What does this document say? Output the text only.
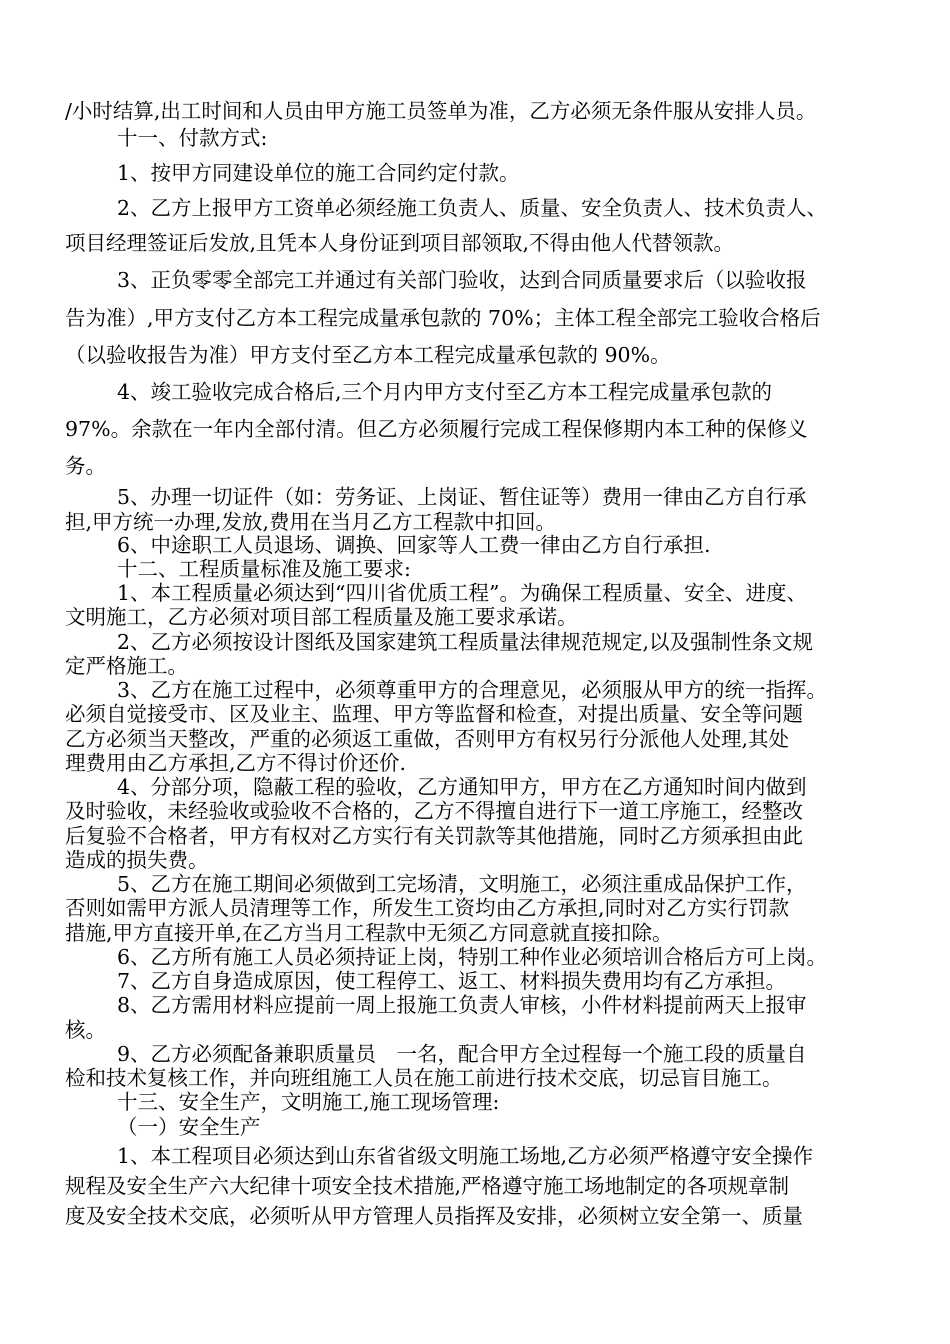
/小时结算,出工时间和人员由甲方施工员签单为准，乙方必须无条件服从安排人员。
十一、付款方式:
1、按甲方同建设单位的施工合同约定付款。
2、乙方上报甲方工资单必须经施工负责人、质量、安全负责人、技术负责人、
项目经理签证后发放,且凭本人身份证到项目部领取,不得由他人代替领款。
3、正负零零全部完工并通过有关部门验收，达到合同质量要求后（以验收报
告为准）,甲方支付乙方本工程完成量承包款的 70%；主体工程全部完工验收合格后
（以验收报告为准）甲方支付至乙方本工程完成量承包款的 90%。
4、竣工验收完成合格后,三个月内甲方支付至乙方本工程完成量承包款的
97%。余款在一年内全部付清。但乙方必须履行完成工程保修期内本工种的保修义
务。
5、办理一切证件（如：劳务证、上岗证、暂住证等）费用一律由乙方自行承
担,甲方统一办理,发放,费用在当月乙方工程款中扣回。
6、中途职工人员退场、调换、回家等人工费一律由乙方自行承担.
十二、工程质量标准及施工要求:
1、本工程质量必须达到“四川省优质工程”。为确保工程质量、安全、进度、
文明施工，乙方必须对项目部工程质量及施工要求承诺。
2、乙方必须按设计图纸及国家建筑工程质量法律规范规定,以及强制性条文规
定严格施工。
3、乙方在施工过程中，必须尊重甲方的合理意见，必须服从甲方的统一指挥。
必须自觉接受市、区及业主、监理、甲方等监督和检查，对提出质量、安全等问题
乙方必须当天整改，严重的必须返工重做，否则甲方有权另行分派他人处理,其处
理费用由乙方承担,乙方不得讨价还价.
4、分部分项，隐蔽工程的验收，乙方通知甲方，甲方在乙方通知时间内做到
及时验收，未经验收或验收不合格的，乙方不得擅自进行下一道工序施工，经整改
后复验不合格者，甲方有权对乙方实行有关罚款等其他措施，同时乙方须承担由此
造成的损失费。
5、乙方在施工期间必须做到工完场清，文明施工，必须注重成品保护工作，
否则如需甲方派人员清理等工作，所发生工资均由乙方承担,同时对乙方实行罚款
措施,甲方直接开单,在乙方当月工程款中无须乙方同意就直接扣除。
6、乙方所有施工人员必须持证上岗，特别工种作业必须培训合格后方可上岗。
7、乙方自身造成原因，使工程停工、返工、材料损失费用均有乙方承担。
8、乙方需用材料应提前一周上报施工负责人审核，小件材料提前两天上报审
核。
9、乙方必须配备兼职质量员　一名，配合甲方全过程每一个施工段的质量自
检和技术复核工作，并向班组施工人员在施工前进行技术交底，切忌盲目施工。
十三、安全生产，文明施工,施工现场管理:
（一）安全生产
1、本工程项目必须达到山东省省级文明施工场地,乙方必须严格遵守安全操作
规程及安全生产六大纪律十项安全技术措施,严格遵守施工场地制定的各项规章制
度及安全技术交底，必须听从甲方管理人员指挥及安排，必须树立安全第一、质量
